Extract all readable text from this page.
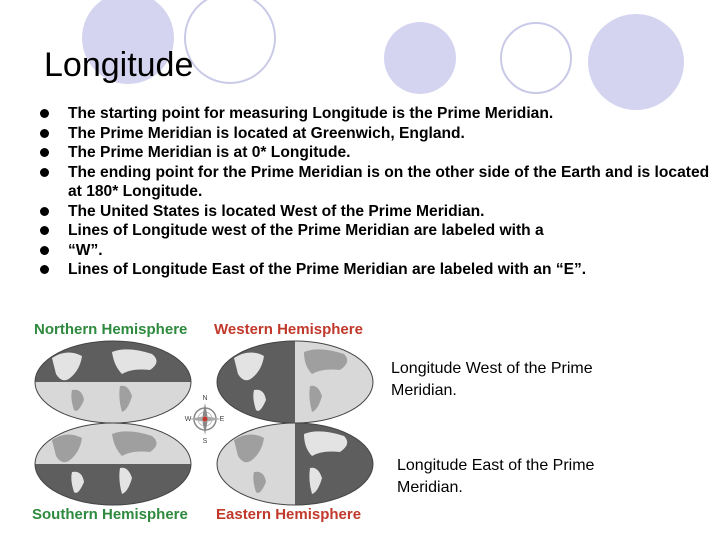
Longitude
The starting point for measuring Longitude is the Prime Meridian.
The Prime Meridian is located at Greenwich, England.
The Prime Meridian is at 0* Longitude.
The ending point for the Prime Meridian is on the other side of the Earth and is located at 180* Longitude.
The United States is located West of the Prime Meridian.
Lines of Longitude west of the Prime Meridian are labeled with a
“W”.
Lines of Longitude East of the Prime Meridian are labeled with an “E”.
Northern Hemisphere Western Hemisphere
Southern Hemisphere Eastern Hemisphere
N
S
E
W
Longitude West of the Prime Meridian.
Longitude East of the Prime Meridian.
